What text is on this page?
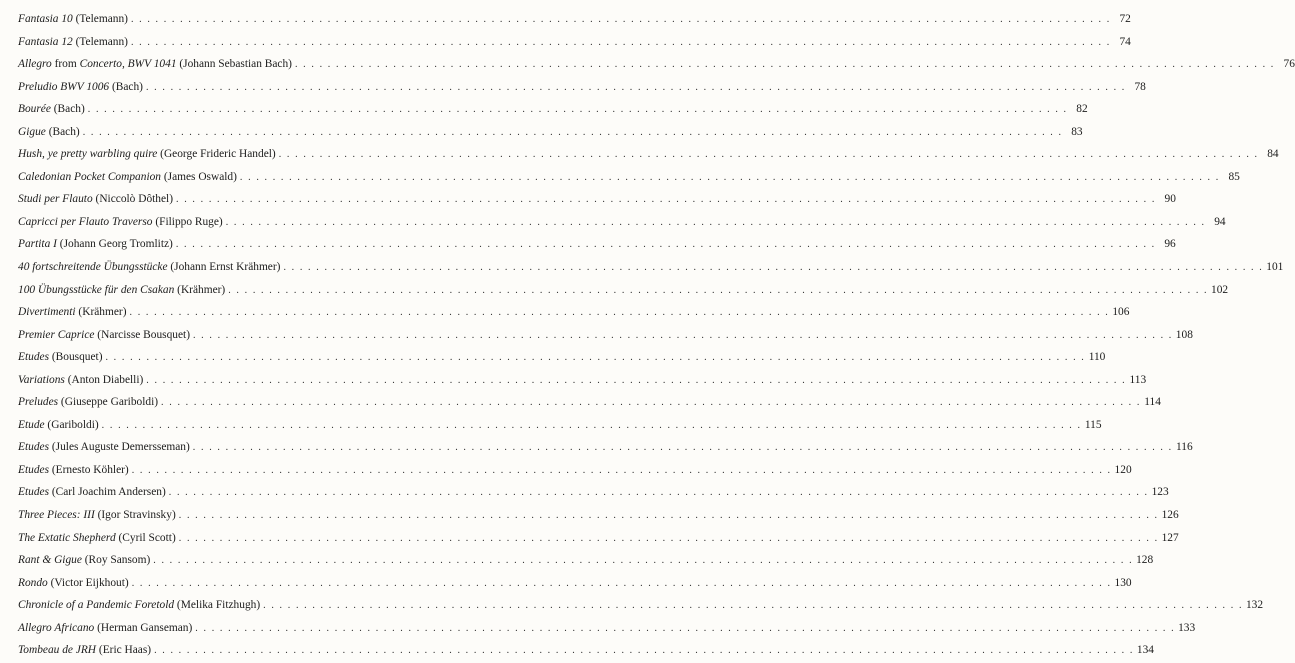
Fantasia 10 (Telemann) . . . . . . . . . . . . . . . . . . . . . . . . . . . . . . . . . . . . . . . . . . . . . . . . . . . . . . . . . . . . . . . . . . . . . . . . . . . . . . . . . . . . . . . . . . . . . . . . . . . . . . . . . . . . . . . . . . . . . . . . 72
Fantasia 12 (Telemann) . . . . . . . . . . . . . . . . . . . . . . . . . . . . . . . . . . . . . . . . . . . . . . . . . . . . . . . . . . . . . . . . . . . . . . . . . . . . . . . . . . . . . . . . . . . . . . . . . . . . . . . . . . . . . . . . . . . . . . . . 74
Allegro from Concerto, BWV 1041 (Johann Sebastian Bach) . . . . . . . . . . . . . . . . . . . . . . . . . . . . . . . . . . . . . . . . . . . . . . . . . . . . . . . . . . . . . . . . . . . . . . . . . . . . . . . . . . . . . . . . . . . . . . . . . . . . . . . . . . . . . . . . . . . . . . . . 76
Preludio BWV 1006 (Bach) . . . . . . . . . . . . . . . . . . . . . . . . . . . . . . . . . . . . . . . . . . . . . . . . . . . . . . . . . . . . . . . . . . . . . . . . . . . . . . . . . . . . . . . . . . . . . . . . . . . . . . . . . . . . . . . . . . . . . . . . 78
Bourée (Bach) . . . . . . . . . . . . . . . . . . . . . . . . . . . . . . . . . . . . . . . . . . . . . . . . . . . . . . . . . . . . . . . . . . . . . . . . . . . . . . . . . . . . . . . . . . . . . . . . . . . . . . . . . . . . . . . . . . . . . . . . 82
Gigue (Bach) . . . . . . . . . . . . . . . . . . . . . . . . . . . . . . . . . . . . . . . . . . . . . . . . . . . . . . . . . . . . . . . . . . . . . . . . . . . . . . . . . . . . . . . . . . . . . . . . . . . . . . . . . . . . . . . . . . . . . . . . 83
Hush, ye pretty warbling quire (George Frideric Handel) . . . . . . . . . . . . . . . . . . . . . . . . . . . . . . . . . . . . . . . . . . . . . . . . . . . . . . . . . . . . . . . . . . . . . . . . . . . . . . . . . . . . . . . . . . . . . . . . . . . . . . . . . . . . . . . . . . . . . . . . 84
Caledonian Pocket Companion (James Oswald) . . . . . . . . . . . . . . . . . . . . . . . . . . . . . . . . . . . . . . . . . . . . . . . . . . . . . . . . . . . . . . . . . . . . . . . . . . . . . . . . . . . . . . . . . . . . . . . . . . . . . . . . . . . . . . . . . . . . . . . . 85
Studi per Flauto (Niccolò Dôthel) . . . . . . . . . . . . . . . . . . . . . . . . . . . . . . . . . . . . . . . . . . . . . . . . . . . . . . . . . . . . . . . . . . . . . . . . . . . . . . . . . . . . . . . . . . . . . . . . . . . . . . . . . . . . . . . . . . . . . . . . 90
Capricci per Flauto Traverso (Filippo Ruge) . . . . . . . . . . . . . . . . . . . . . . . . . . . . . . . . . . . . . . . . . . . . . . . . . . . . . . . . . . . . . . . . . . . . . . . . . . . . . . . . . . . . . . . . . . . . . . . . . . . . . . . . . . . . . . . . . . . . . . . . 94
Partita I (Johann Georg Tromlitz) . . . . . . . . . . . . . . . . . . . . . . . . . . . . . . . . . . . . . . . . . . . . . . . . . . . . . . . . . . . . . . . . . . . . . . . . . . . . . . . . . . . . . . . . . . . . . . . . . . . . . . . . . . . . . . . . . . . . . . . . 96
40 fortschreitende Übungsstücke (Johann Ernst Krähmer) . . . . . . . . . . . . . . . . . . . . . . . . . . . . . . . . . . . . . . . . . . . . . . . . . . . . . . . . . . . . . . . . . . . . . . . . . . . . . . . . . . . . . . . . . . . . . . . . . . . . . . . . . . . . . . . . . . . . . . . . 101
100 Übungsstücke für den Csakan (Krähmer) . . . . . . . . . . . . . . . . . . . . . . . . . . . . . . . . . . . . . . . . . . . . . . . . . . . . . . . . . . . . . . . . . . . . . . . . . . . . . . . . . . . . . . . . . . . . . . . . . . . . . . . . . . . . . . . . . . . . . . . . 102
Divertimenti (Krähmer) . . . . . . . . . . . . . . . . . . . . . . . . . . . . . . . . . . . . . . . . . . . . . . . . . . . . . . . . . . . . . . . . . . . . . . . . . . . . . . . . . . . . . . . . . . . . . . . . . . . . . . . . . . . . . . . . . . . . . . . . 106
Premier Caprice (Narcisse Bousquet) . . . . . . . . . . . . . . . . . . . . . . . . . . . . . . . . . . . . . . . . . . . . . . . . . . . . . . . . . . . . . . . . . . . . . . . . . . . . . . . . . . . . . . . . . . . . . . . . . . . . . . . . . . . . . . . . . . . . . . . . 108
Etudes (Bousquet) . . . . . . . . . . . . . . . . . . . . . . . . . . . . . . . . . . . . . . . . . . . . . . . . . . . . . . . . . . . . . . . . . . . . . . . . . . . . . . . . . . . . . . . . . . . . . . . . . . . . . . . . . . . . . . . . . . . . . . . . 110
Variations (Anton Diabelli) . . . . . . . . . . . . . . . . . . . . . . . . . . . . . . . . . . . . . . . . . . . . . . . . . . . . . . . . . . . . . . . . . . . . . . . . . . . . . . . . . . . . . . . . . . . . . . . . . . . . . . . . . . . . . . . . . . . . . . . . 113
Preludes (Giuseppe Gariboldi) . . . . . . . . . . . . . . . . . . . . . . . . . . . . . . . . . . . . . . . . . . . . . . . . . . . . . . . . . . . . . . . . . . . . . . . . . . . . . . . . . . . . . . . . . . . . . . . . . . . . . . . . . . . . . . . . . . . . . . . . 114
Etude (Gariboldi) . . . . . . . . . . . . . . . . . . . . . . . . . . . . . . . . . . . . . . . . . . . . . . . . . . . . . . . . . . . . . . . . . . . . . . . . . . . . . . . . . . . . . . . . . . . . . . . . . . . . . . . . . . . . . . . . . . . . . . . . 115
Etudes (Jules Auguste Demersseman) . . . . . . . . . . . . . . . . . . . . . . . . . . . . . . . . . . . . . . . . . . . . . . . . . . . . . . . . . . . . . . . . . . . . . . . . . . . . . . . . . . . . . . . . . . . . . . . . . . . . . . . . . . . . . . . . . . . . . . . . 116
Etudes (Ernesto Köhler) . . . . . . . . . . . . . . . . . . . . . . . . . . . . . . . . . . . . . . . . . . . . . . . . . . . . . . . . . . . . . . . . . . . . . . . . . . . . . . . . . . . . . . . . . . . . . . . . . . . . . . . . . . . . . . . . . . . . . . . . 120
Etudes (Carl Joachim Andersen) . . . . . . . . . . . . . . . . . . . . . . . . . . . . . . . . . . . . . . . . . . . . . . . . . . . . . . . . . . . . . . . . . . . . . . . . . . . . . . . . . . . . . . . . . . . . . . . . . . . . . . . . . . . . . . . . . . . . . . . . 123
Three Pieces: III (Igor Stravinsky) . . . . . . . . . . . . . . . . . . . . . . . . . . . . . . . . . . . . . . . . . . . . . . . . . . . . . . . . . . . . . . . . . . . . . . . . . . . . . . . . . . . . . . . . . . . . . . . . . . . . . . . . . . . . . . . . . . . . . . . . 126
The Extatic Shepherd (Cyril Scott) . . . . . . . . . . . . . . . . . . . . . . . . . . . . . . . . . . . . . . . . . . . . . . . . . . . . . . . . . . . . . . . . . . . . . . . . . . . . . . . . . . . . . . . . . . . . . . . . . . . . . . . . . . . . . . . . . . . . . . . . 127
Rant & Gigue (Roy Sansom) . . . . . . . . . . . . . . . . . . . . . . . . . . . . . . . . . . . . . . . . . . . . . . . . . . . . . . . . . . . . . . . . . . . . . . . . . . . . . . . . . . . . . . . . . . . . . . . . . . . . . . . . . . . . . . . . . . . . . . . . 128
Rondo (Victor Eijkhout) . . . . . . . . . . . . . . . . . . . . . . . . . . . . . . . . . . . . . . . . . . . . . . . . . . . . . . . . . . . . . . . . . . . . . . . . . . . . . . . . . . . . . . . . . . . . . . . . . . . . . . . . . . . . . . . . . . . . . . . . 130
Chronicle of a Pandemic Foretold (Melika Fitzhugh) . . . . . . . . . . . . . . . . . . . . . . . . . . . . . . . . . . . . . . . . . . . . . . . . . . . . . . . . . . . . . . . . . . . . . . . . . . . . . . . . . . . . . . . . . . . . . . . . . . . . . . . . . . . . . . . . . . . . . . . . 132
Allegro Africano (Herman Ganseman) . . . . . . . . . . . . . . . . . . . . . . . . . . . . . . . . . . . . . . . . . . . . . . . . . . . . . . . . . . . . . . . . . . . . . . . . . . . . . . . . . . . . . . . . . . . . . . . . . . . . . . . . . . . . . . . . . . . . . . . . 133
Tombeau de JRH (Eric Haas) . . . . . . . . . . . . . . . . . . . . . . . . . . . . . . . . . . . . . . . . . . . . . . . . . . . . . . . . . . . . . . . . . . . . . . . . . . . . . . . . . . . . . . . . . . . . . . . . . . . . . . . . . . . . . . . . . . . . . . . . 134
